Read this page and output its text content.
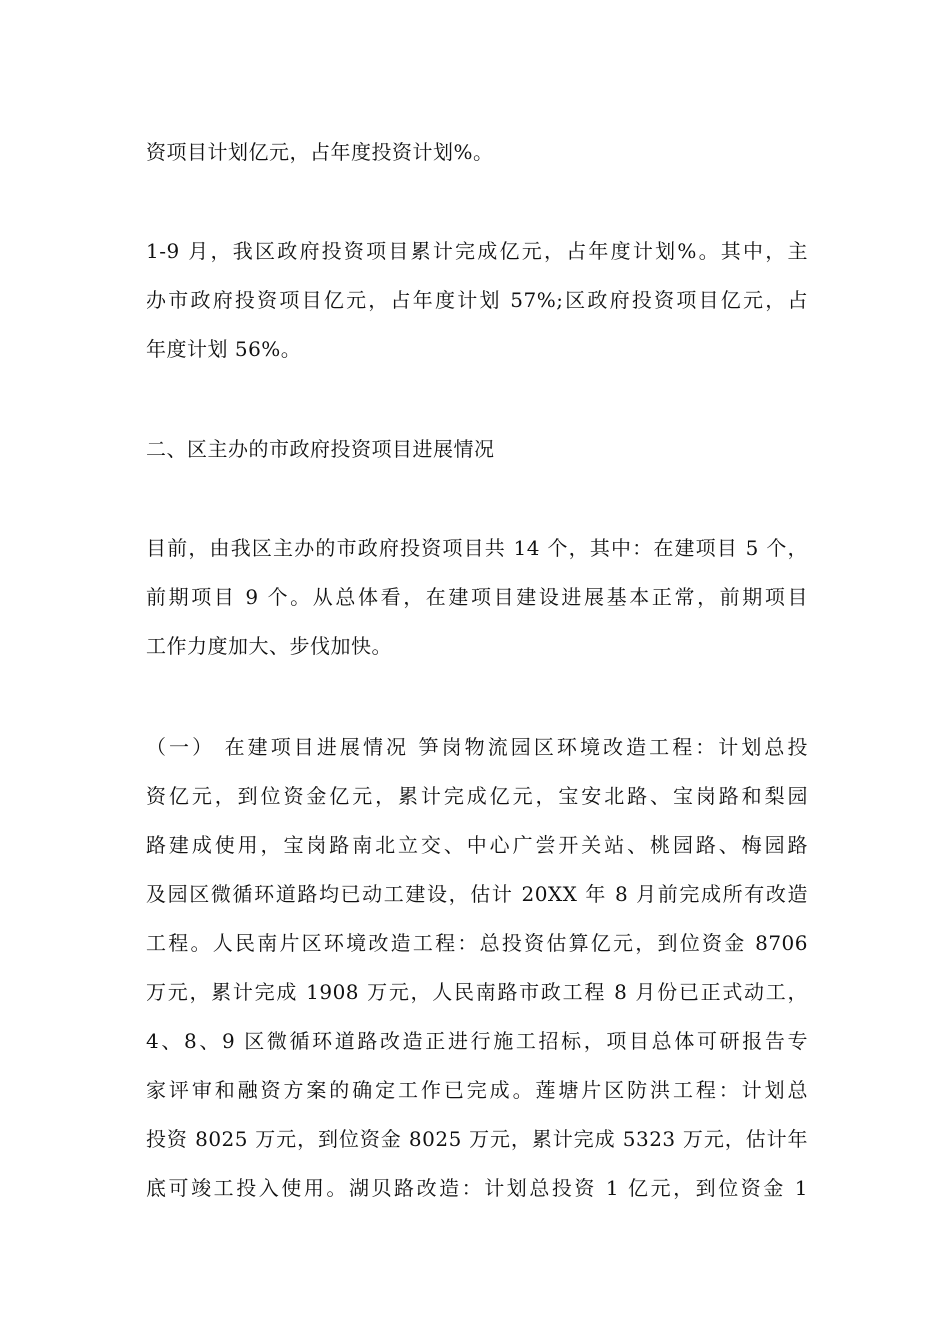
资项目计划亿元，占年度投资计划%。
1-9 月，我区政府投资项目累计完成亿元，占年度计划%。其中，主
办市政府投资项目亿元，占年度计划 57%;区政府投资项目亿元，占
年度计划 56%。
二、区主办的市政府投资项目进展情况
目前，由我区主办的市政府投资项目共 14 个，其中：在建项目 5 个，
前期项目 9 个。从总体看，在建项目建设进展基本正常，前期项目
工作力度加大、步伐加快。
（一） 在建项目进展情况 笋岗物流园区环境改造工程：计划总投
资亿元，到位资金亿元，累计完成亿元，宝安北路、宝岗路和梨园
路建成使用，宝岗路南北立交、中心广尝开关站、桃园路、梅园路
及园区微循环道路均已动工建设，估计 20XX 年 8 月前完成所有改造
工程。人民南片区环境改造工程：总投资估算亿元，到位资金 8706
万元，累计完成 1908 万元，人民南路市政工程 8 月份已正式动工，
4、8、9 区微循环道路改造正进行施工招标，项目总体可研报告专
家评审和融资方案的确定工作已完成。莲塘片区防洪工程：计划总
投资 8025 万元，到位资金 8025 万元，累计完成 5323 万元，估计年
底可竣工投入使用。湖贝路改造：计划总投资 1 亿元，到位资金 1
